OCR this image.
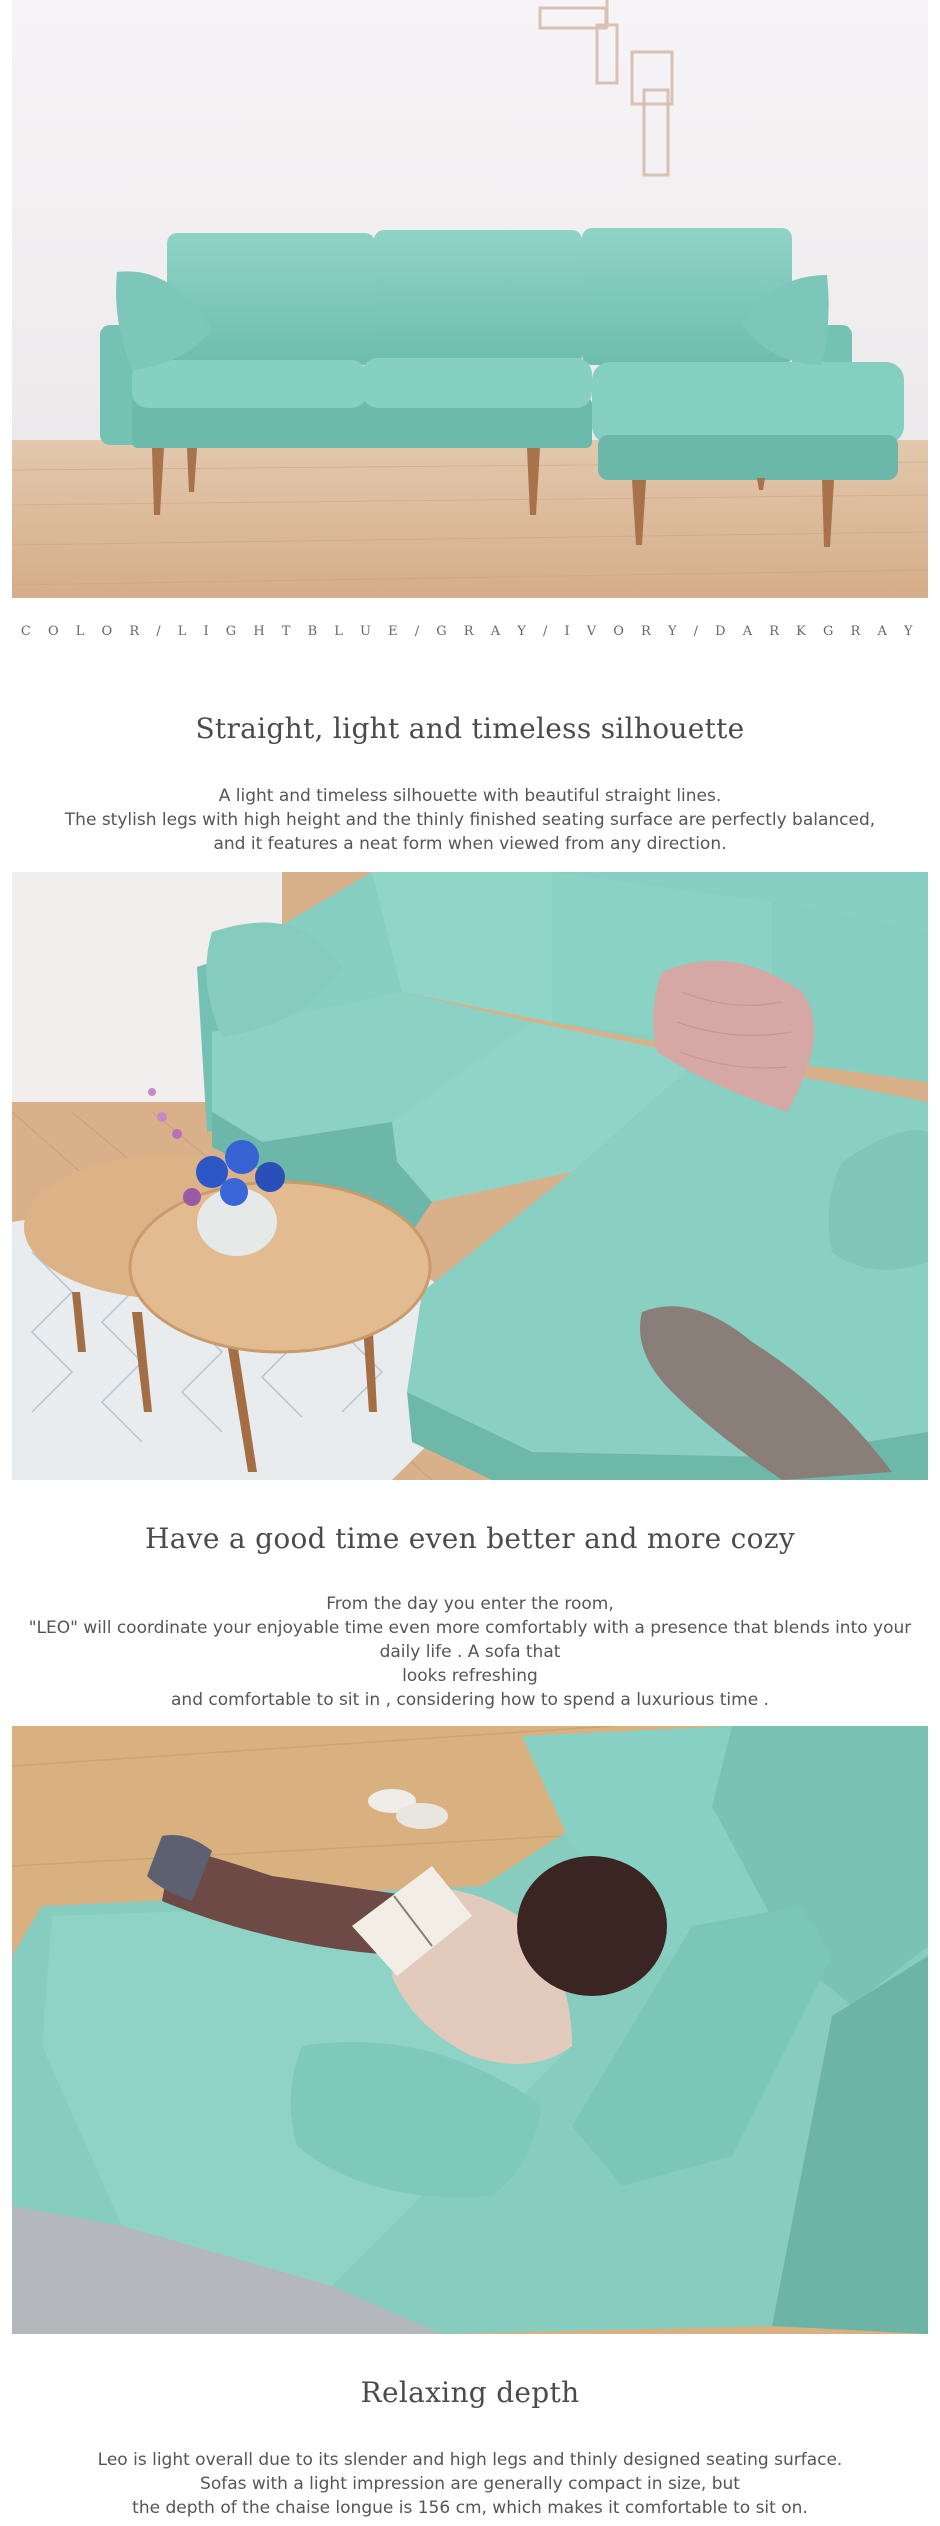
C O L O R / L I G H T B L U E / G R A Y / I V O R Y / D A R K G R A Y
Straight, light and timeless silhouette
A light and timeless silhouette with beautiful straight lines.
The stylish legs with high height and the thinly finished seating surface are perfectly balanced,
and it features a neat form when viewed from any direction.
Have a good time even better and more cozy
From the day you enter the room,
"LEO" will coordinate your enjoyable time even more comfortably with a presence that blends into your daily life . A sofa that
looks refreshing
and comfortable to sit in , considering how to spend a luxurious time .
Relaxing depth
Leo is light overall due to its slender and high legs and thinly designed seating surface.
Sofas with a light impression are generally compact in size, but
the depth of the chaise longue is 156 cm, which makes it comfortable to sit on.
